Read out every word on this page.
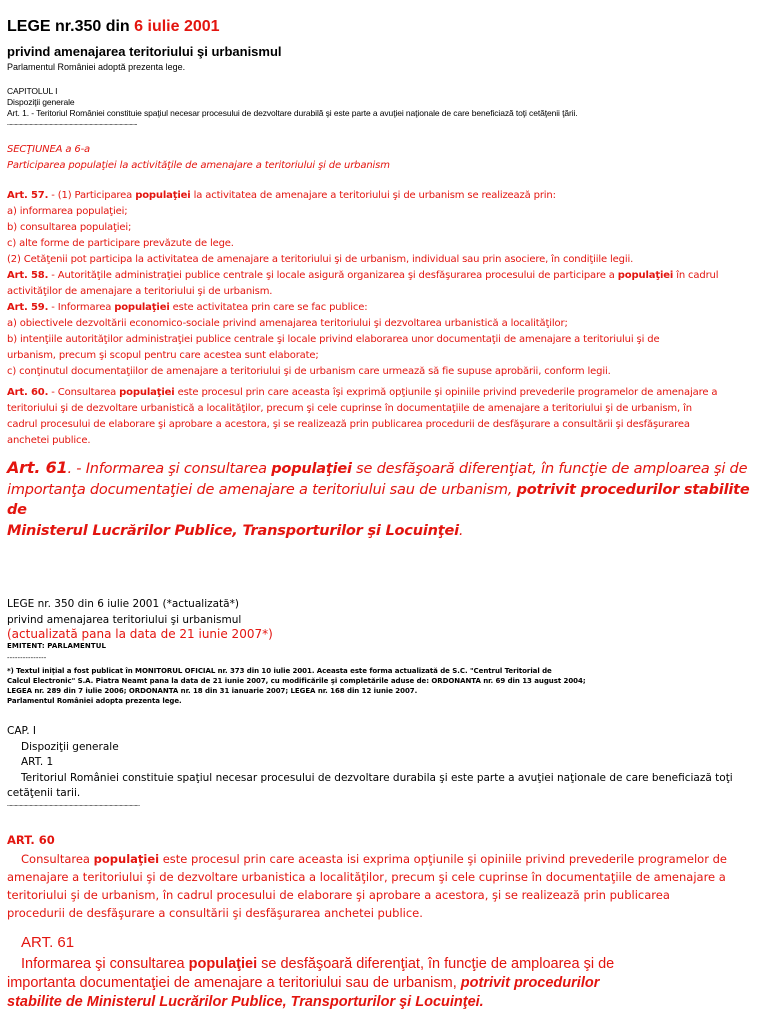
LEGE nr.350 din 6 iulie 2001
privind amenajarea teritoriului şi urbanismul
Parlamentul României adoptă prezenta lege.

CAPITOLUL I

Dispoziţii generale

Art. 1. - Teritoriul României constituie spaţiul necesar procesului de dezvoltare durabilă şi este parte a avuţiei naţionale de care beneficiază toţi cetăţenii ţării.

........................................................................................................

SECŢIUNEA a 6-a

Participarea populaţiei la activităţile de amenajare a teritoriului şi de urbanism

Art. 57. - (1) Participarea populaţiei la activitatea de amenajare a teritoriului şi de urbanism se realizează prin:

a) informarea populaţiei;

b) consultarea populaţiei;

c) alte forme de participare prevăzute de lege.

(2) Cetăţenii pot participa la activitatea de amenajare a teritoriului şi de urbanism, individual sau prin asociere, în condiţiile legii.

Art. 58. - Autorităţile administraţiei publice centrale şi locale asigură organizarea şi desfăşurarea procesului de participare a populaţiei în cadrul

activităţilor de amenajare a teritoriului şi de urbanism.

Art. 59. - Informarea populaţiei este activitatea prin care se fac publice:

a) obiectivele dezvoltării economico-sociale privind amenajarea teritoriului şi dezvoltarea urbanistică a localităţilor;

b) intenţiile autorităţilor administraţiei publice centrale şi locale privind elaborarea unor documentaţii de amenajare a teritoriului şi de

urbanism, precum şi scopul pentru care acestea sunt elaborate;

c) conţinutul documentaţiilor de amenajare a teritoriului şi de urbanism care urmează să fie supuse aprobării, conform legii.

Art. 60. - Consultarea populaţiei este procesul prin care aceasta îşi exprimă opţiunile şi opiniile privind prevederile programelor de amenajare a

teritoriului şi de dezvoltare urbanistică a localităţilor, precum şi cele cuprinse în documentaţiile de amenajare a teritoriului şi de urbanism, în

cadrul procesului de elaborare şi aprobare a acestora, şi se realizează prin publicarea procedurii de desfăşurare a consultării şi desfăşurarea

anchetei publice.

Art. 61. - Informarea şi consultarea populaţiei se desfăşoară diferenţiat, în funcţie de amploarea şi de

importanţa documentaţiei de amenajare a teritoriului sau de urbanism, potrivit procedurilor stabilite de

Ministerul Lucrărilor Publice, Transporturilor şi Locuinţei.

LEGE nr. 350 din 6 iulie 2001 (*actualizată*)

privind amenajarea teritoriului şi urbanismul

(actualizată pana la data de 21 iunie 2007*)
EMITENT: PARLAMENTUL
---------------

*) Textul iniţial a fost publicat în MONITORUL OFICIAL nr. 373 din 10 iulie 2001. Aceasta este forma actualizată de S.C. "Centrul Teritorial de

Calcul Electronic" S.A. Piatra Neamt pana la data de 21 iunie 2007, cu modificările şi completările aduse de: ORDONANTA nr. 69 din 13 august 2004;

LEGEA nr. 289 din 7 iulie 2006; ORDONANTA nr. 18 din 31 ianuarie 2007; LEGEA nr. 168 din 12 iunie 2007.

Parlamentul României adopta prezenta lege.

CAP. I

Dispoziţii generale

ART. 1

Teritoriul României constituie spaţiul necesar procesului de dezvoltare durabila şi este parte a avuţiei naţionale de care beneficiază toţi

cetăţenii tarii.

..........................................................................................................
ART. 60

Consultarea populaţiei este procesul prin care aceasta isi exprima opţiunile şi opiniile privind prevederile programelor de

amenajare a teritoriului şi de dezvoltare urbanistica a localităţilor, precum şi cele cuprinse în documentaţiile de amenajare a

teritoriului şi de urbanism, în cadrul procesului de elaborare şi aprobare a acestora, şi se realizează prin publicarea

procedurii de desfăşurare a consultării şi desfăşurarea anchetei publice.

ART. 61

Informarea şi consultarea populaţiei se desfăşoară diferenţiat, în funcţie de amploarea şi de

importanta documentaţiei de amenajare a teritoriului sau de urbanism, potrivit procedurilor

stabilite de Ministerul Lucrărilor Publice, Transporturilor şi Locuinţei.
